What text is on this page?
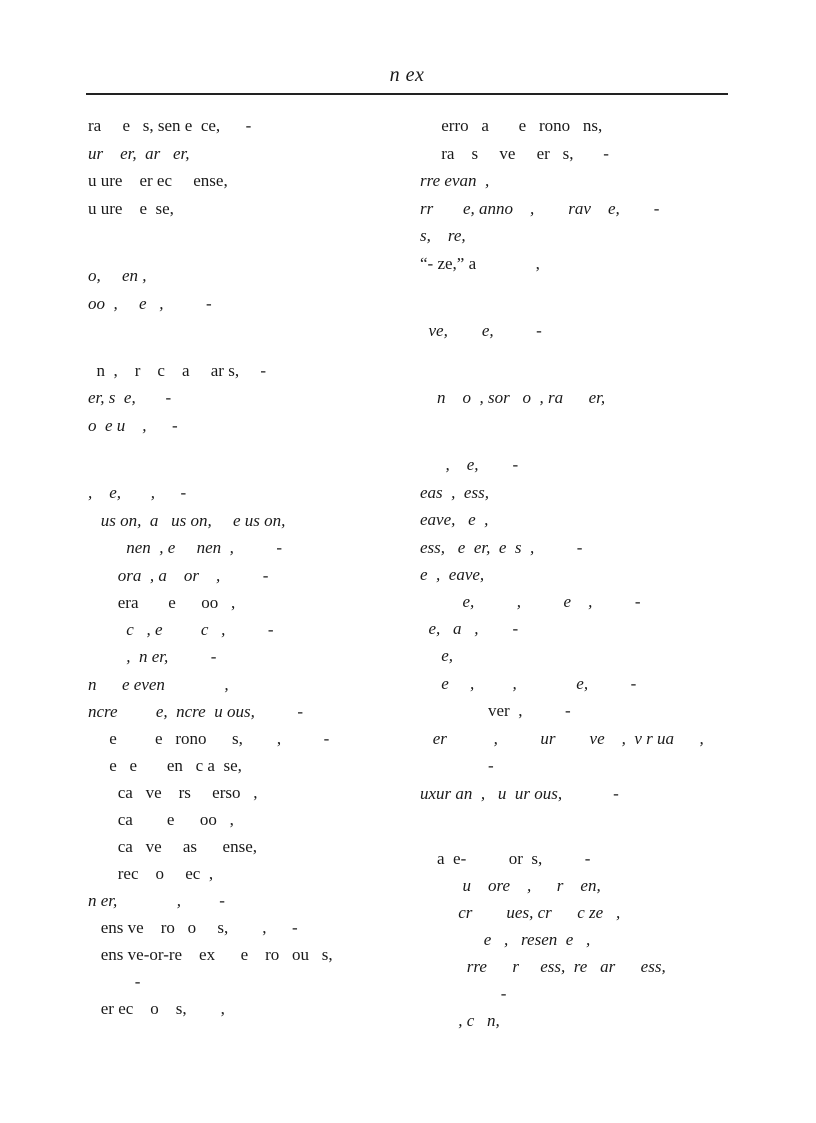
n ex
ra     e   s, sen e  ce,      -
ur    er,  ar   er,
u ure    er ec     ense,
u ure    e  se,
o,     en ,
oo  ,     e   ,          -
n  ,    r    c    a     ar s,     -
er, s  e,       -
o  e u    ,      -
,    e,       ,      -
us on,  a   us on,     e us on,
nen  , e     nen  ,          -
ora  , a    or    ,          -
era       e      oo   ,
c   , e         c   ,          -
,  n er,          -
n      e even              ,
ncre         e,  ncre  u ous,          -
e         e   rono      s,        ,          -
e   e       en   c a  se,
ca   ve    rs     erso   ,
ca        e      oo   ,
ca   ve     as      ense,
rec    o     ec  ,
n er,              ,         -
ens ve    ro   o     s,        ,      -
ens ve-or-re    ex      e    ro   ou   s,
-
er ec    o    s,        ,
erro   a       e   rono   ns,
ra    s     ve     er   s,       -
rre evan  ,
rr       e, anno    ,        rav    e,        -
s,    re,
“- ze,” a              ,
ve,        e,          -
n    o  , sor   o  , ra      er,
,    e,        -
eas  ,  ess,
eave,   e  ,
ess,   e  er,  e  s  ,          -
e  ,  eave,
e,          ,          e    ,          -
e,   a   ,        -
e,
e     ,         ,              e,          -
ver  ,          -
er           ,          ur        ve    ,  v r ua      ,
-
uxur an  ,   u  ur ous,            -
a  e-          or  s,          -
u    ore    ,      r    en,
cr        ues, cr      c ze   ,
e   ,   resen  e   ,
rre      r     ess,  re   ar      ess,
-
, c   n,
